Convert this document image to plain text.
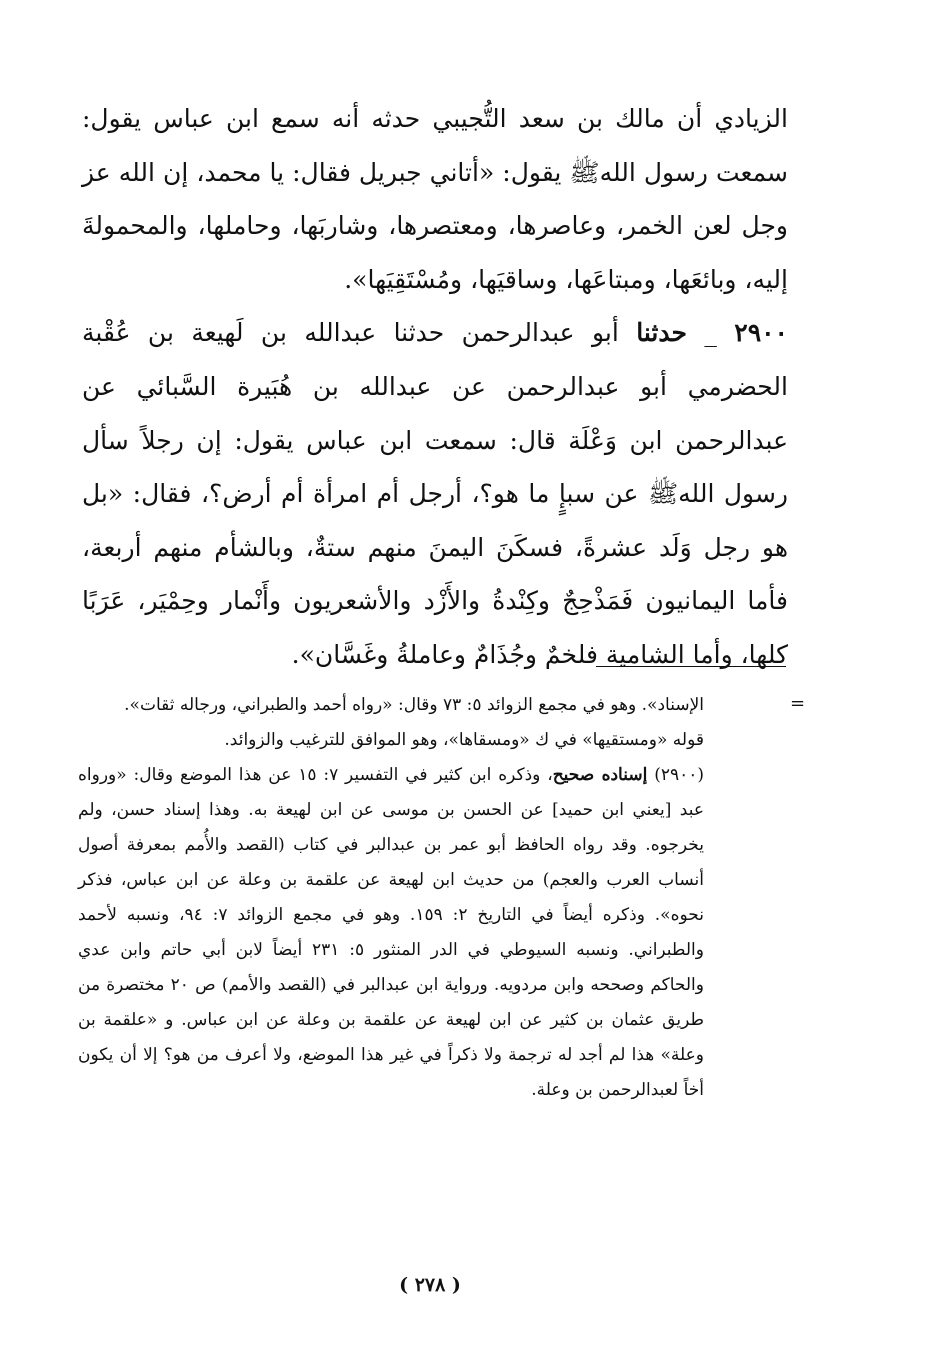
الزيادي أن مالك بن سعد التُّجيبي حدثه أنه سمع ابن عباس يقول: سمعت رسول اللهﷺ يقول: «أتاني جبريل فقال: يا محمد، إن الله عز وجل لعن الخمر، وعاصرها، ومعتصرها، وشاربَها، وحاملها، والمحمولةَ إليه، وبائعَها، ومبتاعَها، وساقيَها، ومُسْتَقِيَها».

٢٩٠٠ _ حدثنا أبو عبدالرحمن حدثنا عبدالله بن لَهيعة بن عُقْبة الحضرمي أبو عبدالرحمن عن عبدالله بن هُبَيرة السَّبائي عن عبدالرحمن ابن وَعْلَة قال: سمعت ابن عباس يقول: إن رجلاً سأل رسول اللهﷺ عن سبإٍ ما هو؟، أرجل أم امرأة أم أرض؟، فقال: «بل هو رجل وَلَد عشرةً، فسكَنَ اليمنَ منهم ستةٌ، وبالشأم منهم أربعة، فأما اليمانيون فَمَذْحِجٌ وكِنْدةُ والأَزْد والأشعريون وأَنْمار وحِمْيَر، عَرَبًا كلها، وأما الشامية فلخمٌ وجُذَامٌ وعاملةُ وغَسَّان».

=

الإسناد». وهو في مجمع الزوائد ٥: ٧٣ وقال: «رواه أحمد والطبراني، ورجاله ثقات».

قوله «ومستقيها» في ك «ومسقاها»، وهو الموافق للترغيب والزوائد.

(٢٩٠٠) إسناده صحيح، وذكره ابن كثير في التفسير ٧: ١٥ عن هذا الموضع وقال: «ورواه عبد [يعني ابن حميد] عن الحسن بن موسى عن ابن لهيعة به. وهذا إسناد حسن، ولم يخرجوه. وقد رواه الحافظ أبو عمر بن عبدالبر في كتاب (القصد والأُمم بمعرفة أصول أنساب العرب والعجم) من حديث ابن لهيعة عن علقمة بن وعلة عن ابن عباس، فذكر نحوه». وذكره أيضاً في التاريخ ٢: ١٥٩. وهو في مجمع الزوائد ٧: ٩٤، ونسبه لأحمد والطبراني. ونسبه السيوطي في الدر المنثور ٥: ٢٣١ أيضاً لابن أبي حاتم وابن عدي والحاكم وصححه وابن مردويه. ورواية ابن عبدالبر في (القصد والأمم) ص ٢٠ مختصرة من طريق عثمان بن كثير عن ابن لهيعة عن علقمة بن وعلة عن ابن عباس. و «علقمة بن وعلة» هذا لم أجد له ترجمة ولا ذكراً في غير هذا الموضع، ولا أعرف من هو؟ إلا أن يكون أخاً لعبدالرحمن بن وعلة.

( ٢٧٨ )
